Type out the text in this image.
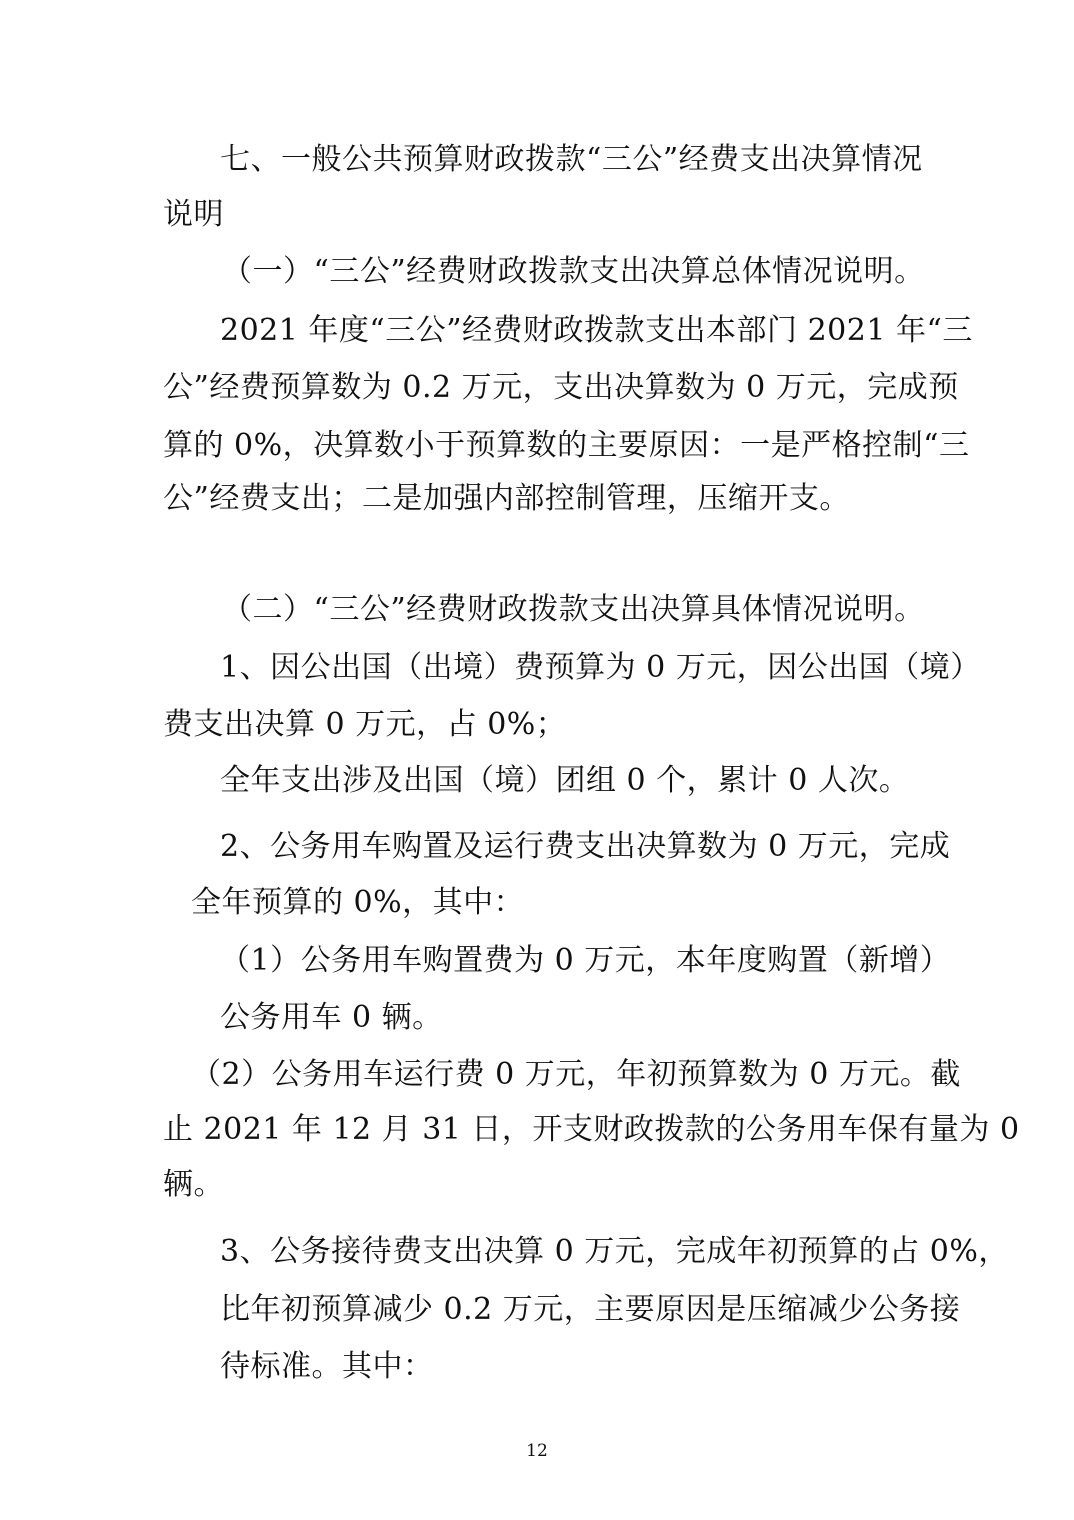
七、一般公共预算财政拨款“三公”经费支出决算情况
说明
（一）“三公”经费财政拨款支出决算总体情况说明。
2021 年度“三公”经费财政拨款支出本部门 2021 年“三
公”经费预算数为 0.2 万元，支出决算数为 0 万元，完成预
算的 0%，决算数小于预算数的主要原因：一是严格控制“三
公”经费支出；二是加强内部控制管理，压缩开支。
（二）“三公”经费财政拨款支出决算具体情况说明。
1、因公出国（出境）费预算为 0 万元，因公出国（境）
费支出决算 0 万元，占 0%；
全年支出涉及出国（境）团组 0 个，累计 0 人次。
2、公务用车购置及运行费支出决算数为 0 万元，完成
全年预算的 0%，其中：
（1）公务用车购置费为 0 万元，本年度购置（新增）
公务用车 0 辆。
（2）公务用车运行费 0 万元，年初预算数为 0 万元。截
止 2021 年 12 月 31 日，开支财政拨款的公务用车保有量为 0
辆。
3、公务接待费支出决算 0 万元，完成年初预算的占 0%，
比年初预算减少 0.2 万元，主要原因是压缩减少公务接
待标准。其中：
12
